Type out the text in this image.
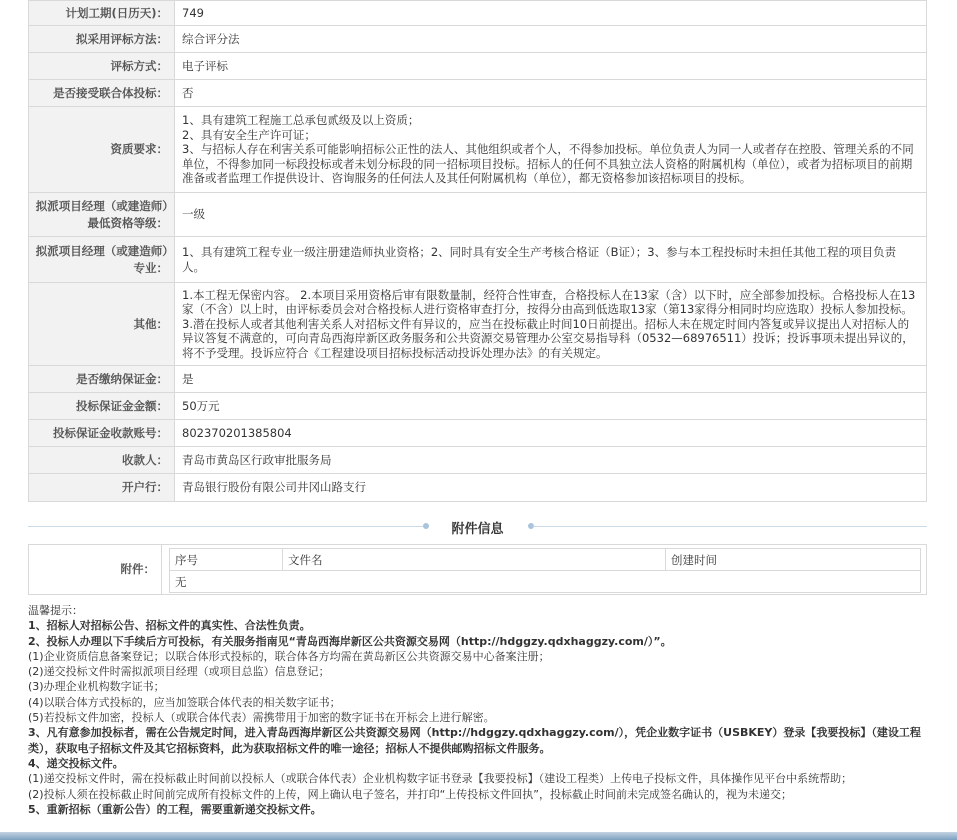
计划工期(日历天)：	749
拟采用评标方法：	综合评分法
评标方式：	电子评标
是否接受联合体投标：	否
资质要求：	1、具有建筑工程施工总承包贰级及以上资质；
2、具有安全生产许可证；
3、与招标人存在利害关系可能影响招标公正性的法人、其他组织或者个人，不得参加投标。单位负责人为同一人或者存在控股、管理关系的不同单位，不得参加同一标段投标或者未划分标段的同一招标项目投标。招标人的任何不具独立法人资格的附属机构（单位），或者为招标项目的前期准备或者监理工作提供设计、咨询服务的任何法人及其任何附属机构（单位），都无资格参加该招标项目的投标。
拟派项目经理（或建造师）最低资格等级：	一级
拟派项目经理（或建造师）专业：	1、具有建筑工程专业一级注册建造师执业资格；2、同时具有安全生产考核合格证（B证）；3、参与本工程投标时未担任其他工程的项目负责人。
其他：	1.本工程无保密内容。 2.本项目采用资格后审有限数量制，经符合性审查，合格投标人在13家（含）以下时，应全部参加投标。合格投标人在13家（不含）以上时，由评标委员会对合格投标人进行资格审查打分，按得分由高到低选取13家（第13家得分相同时均应选取）投标人参加投标。 3.潜在投标人或者其他利害关系人对招标文件有异议的，应当在投标截止时间10日前提出。招标人未在规定时间内答复或异议提出人对招标人的异议答复不满意的，可向青岛西海岸新区政务服务和公共资源交易管理办公室交易指导科（0532—68976511）投诉；投诉事项未提出异议的，将不予受理。投诉应符合《工程建设项目招标投标活动投诉处理办法》的有关规定。
是否缴纳保证金：	是
投标保证金金额：	50万元
投标保证金收款账号：	802370201385804
收款人：	青岛市黄岛区行政审批服务局
开户行：	青岛银行股份有限公司井冈山路支行
附件信息
附件：
序号	文件名	创建时间
无
温馨提示：
1、招标人对招标公告、招标文件的真实性、合法性负责。
2、投标人办理以下手续后方可投标，有关服务指南见“青岛西海岸新区公共资源交易网（http://hdggzy.qdxhaggzy.com/）”。
(1)企业资质信息备案登记；以联合体形式投标的，联合体各方均需在黄岛新区公共资源交易中心备案注册；
(2)递交投标文件时需拟派项目经理（或项目总监）信息登记；
(3)办理企业机构数字证书；
(4)以联合体方式投标的，应当加签联合体代表的相关数字证书；
(5)若投标文件加密，投标人（或联合体代表）需携带用于加密的数字证书在开标会上进行解密。
3、凡有意参加投标者，需在公告规定时间，进入青岛西海岸新区公共资源交易网（http://hdggzy.qdxhaggzy.com/），凭企业数字证书（USBKEY）登录【我要投标】（建设工程类），获取电子招标文件及其它招标资料，此为获取招标文件的唯一途径；招标人不提供邮购招标文件服务。
4、递交投标文件。
(1)递交投标文件时，需在投标截止时间前以投标人（或联合体代表）企业机构数字证书登录【我要投标】（建设工程类）上传电子投标文件，具体操作见平台中系统帮助；
(2)投标人须在投标截止时间前完成所有投标文件的上传，网上确认电子签名，并打印“上传投标文件回执”，投标截止时间前未完成签名确认的，视为未递交；
5、重新招标（重新公告）的工程，需要重新递交投标文件。
